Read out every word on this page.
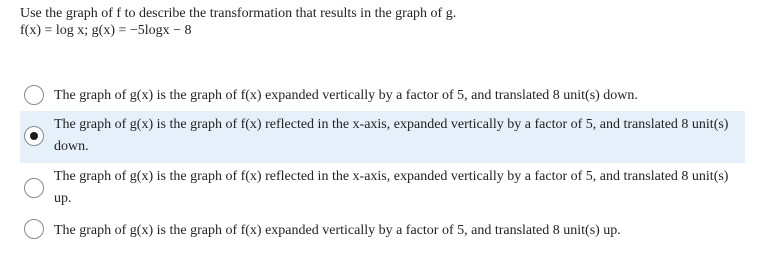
Use the graph of f to describe the transformation that results in the graph of g.
f(x) = log x; g(x) = −5logx − 8
The graph of g(x) is the graph of f(x) expanded vertically by a factor of 5, and translated 8 unit(s) down.
The graph of g(x) is the graph of f(x) reflected in the x-axis, expanded vertically by a factor of 5, and translated 8 unit(s) down.
The graph of g(x) is the graph of f(x) reflected in the x-axis, expanded vertically by a factor of 5, and translated 8 unit(s) up.
The graph of g(x) is the graph of f(x) expanded vertically by a factor of 5, and translated 8 unit(s) up.
